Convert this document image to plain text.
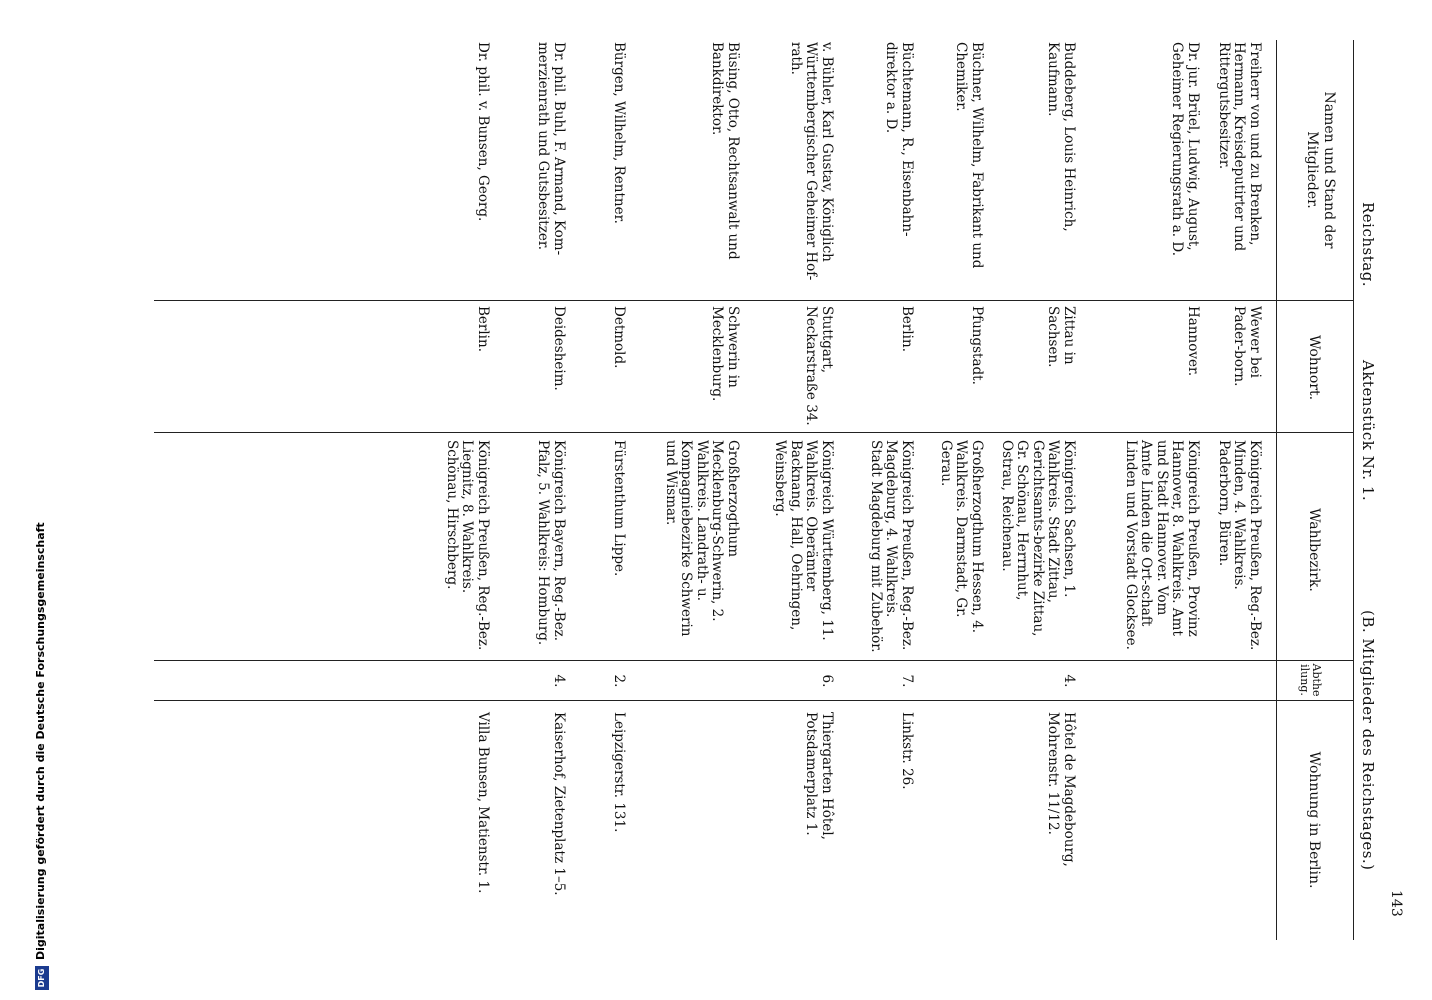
Reichstag.
Aktenstück Nr. 1.
(B. Mitglieder des Reichstages.)
143
Namen und Stand der Mitglieder.
Wohnort.
Wahlbezirk.
Abtheilung.
Wohnung in Berlin.
Freiherr von und zu Brenken, Hermann, Kreisdeputirter und Rittergutsbesitzer.
Wewer bei Pader-born.
Königreich Preußen, Reg.-Bez. Minden, 4. Wahlkreis. Paderborn, Büren.
Dr. jur. Brüel, Ludwig, August, Geheimer Regierungsrath a. D.
Hannover.
Königreich Preußen, Provinz Hannover, 8. Wahlkreis. Amt und Stadt Hannover. Vom Amte Linden die Ort-schaft Linden und Vorstadt Glocksee.
Buddeberg, Louis Heinrich, Kaufmann.
Zittau in Sachsen.
Königreich Sachsen, 1. Wahlkreis. Stadt Zittau, Gerichtsamts-bezirke Zittau, Gr. Schönau, Herrnhut, Ostrau, Reichenau.
4.
Hôtel de Magdebourg, Mohrenstr. 11/12.
Büchner, Wilhelm, Fabrikant und Chemiker.
Pfungstadt.
Großherzogthum Hessen, 4. Wahlkreis. Darmstadt, Gr. Gerau.
Büchtemann, R., Eisenbahn-direktor a. D.
Berlin.
Königreich Preußen, Reg.-Bez. Magdeburg, 4. Wahlkreis. Stadt Magdeburg mit Zubehör.
7.
Linkstr. 26.
v. Bühler, Karl Gustav, Königlich Württembergischer Geheimer Hof-rath.
Stuttgart, Neckarstraße 34.
Königreich Württemberg, 11. Wahlkreis. Oberämter Backnang, Hall, Oehringen, Weinsberg.
6.
Thiergarten Hôtel, Potsdamerplatz 1.
Büsing, Otto, Rechtsanwalt und Bankdirektor.
Schwerin in Mecklenburg.
Großherzogthum Mecklenburg-Schwerin, 2. Wahlkreis. Landrath- u. Kompagniebezirke Schwerin und Wismar.
Bürgen, Wilhelm, Rentner.
Detmold.
Fürstenthum Lippe.
2.
Leipzigerstr. 131.
Dr. phil. Buhl, F. Armand, Kom-merzienrath und Gutsbesitzer.
Deidesheim.
Königreich Bayern, Reg.-Bez. Pfalz, 5. Wahlkreis: Homburg.
4.
Kaiserhof, Zietenplatz 1–5.
Dr. phil. v. Bunsen, Georg.
Berlin.
Königreich Preußen, Reg.-Bez. Liegnitz, 8. Wahlkreis. Schönau, Hirschberg.
Villa Bunsen, Matienstr. 1.
DFG
Digitalisierung gefördert durch die Deutsche Forschungsgemeinschaft
